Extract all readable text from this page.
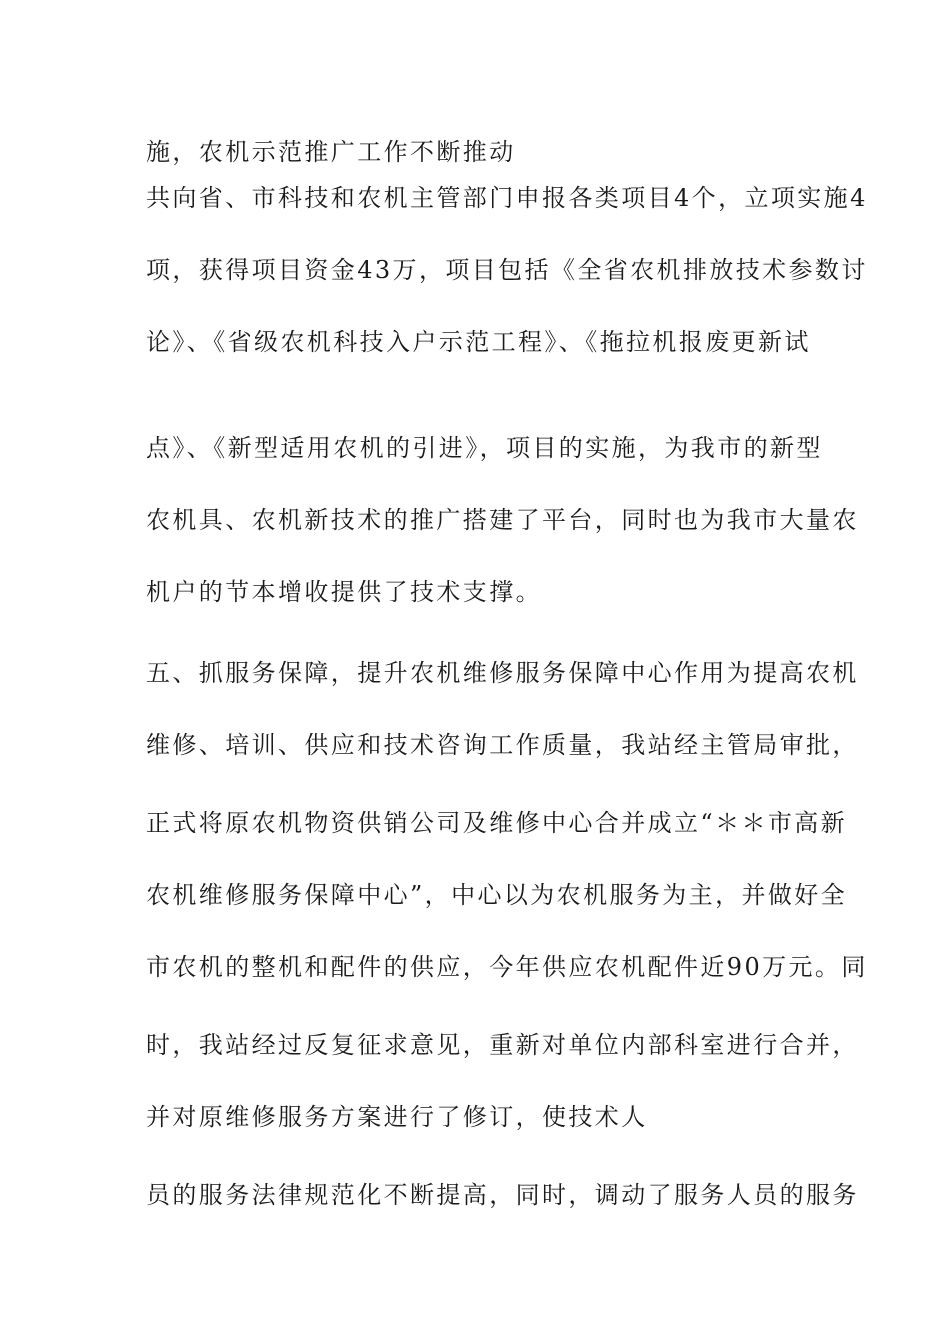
施，农机示范推广工作不断推动
共向省、市科技和农机主管部门申报各类项目4个，立项实施4
项，获得项目资金43万，项目包括《全省农机排放技术参数讨
论》、《省级农机科技入户示范工程》、《拖拉机报废更新试
点》、《新型适用农机的引进》，项目的实施，为我市的新型
农机具、农机新技术的推广搭建了平台，同时也为我市大量农
机户的节本增收提供了技术支撑。
五、抓服务保障，提升农机维修服务保障中心作用为提高农机
维修、培训、供应和技术咨询工作质量，我站经主管局审批，
正式将原农机物资供销公司及维修中心合并成立“＊＊市高新
农机维修服务保障中心”，中心以为农机服务为主，并做好全
市农机的整机和配件的供应，今年供应农机配件近90万元。同
时，我站经过反复征求意见，重新对单位内部科室进行合并，
并对原维修服务方案进行了修订，使技术人
员的服务法律规范化不断提高，同时，调动了服务人员的服务
